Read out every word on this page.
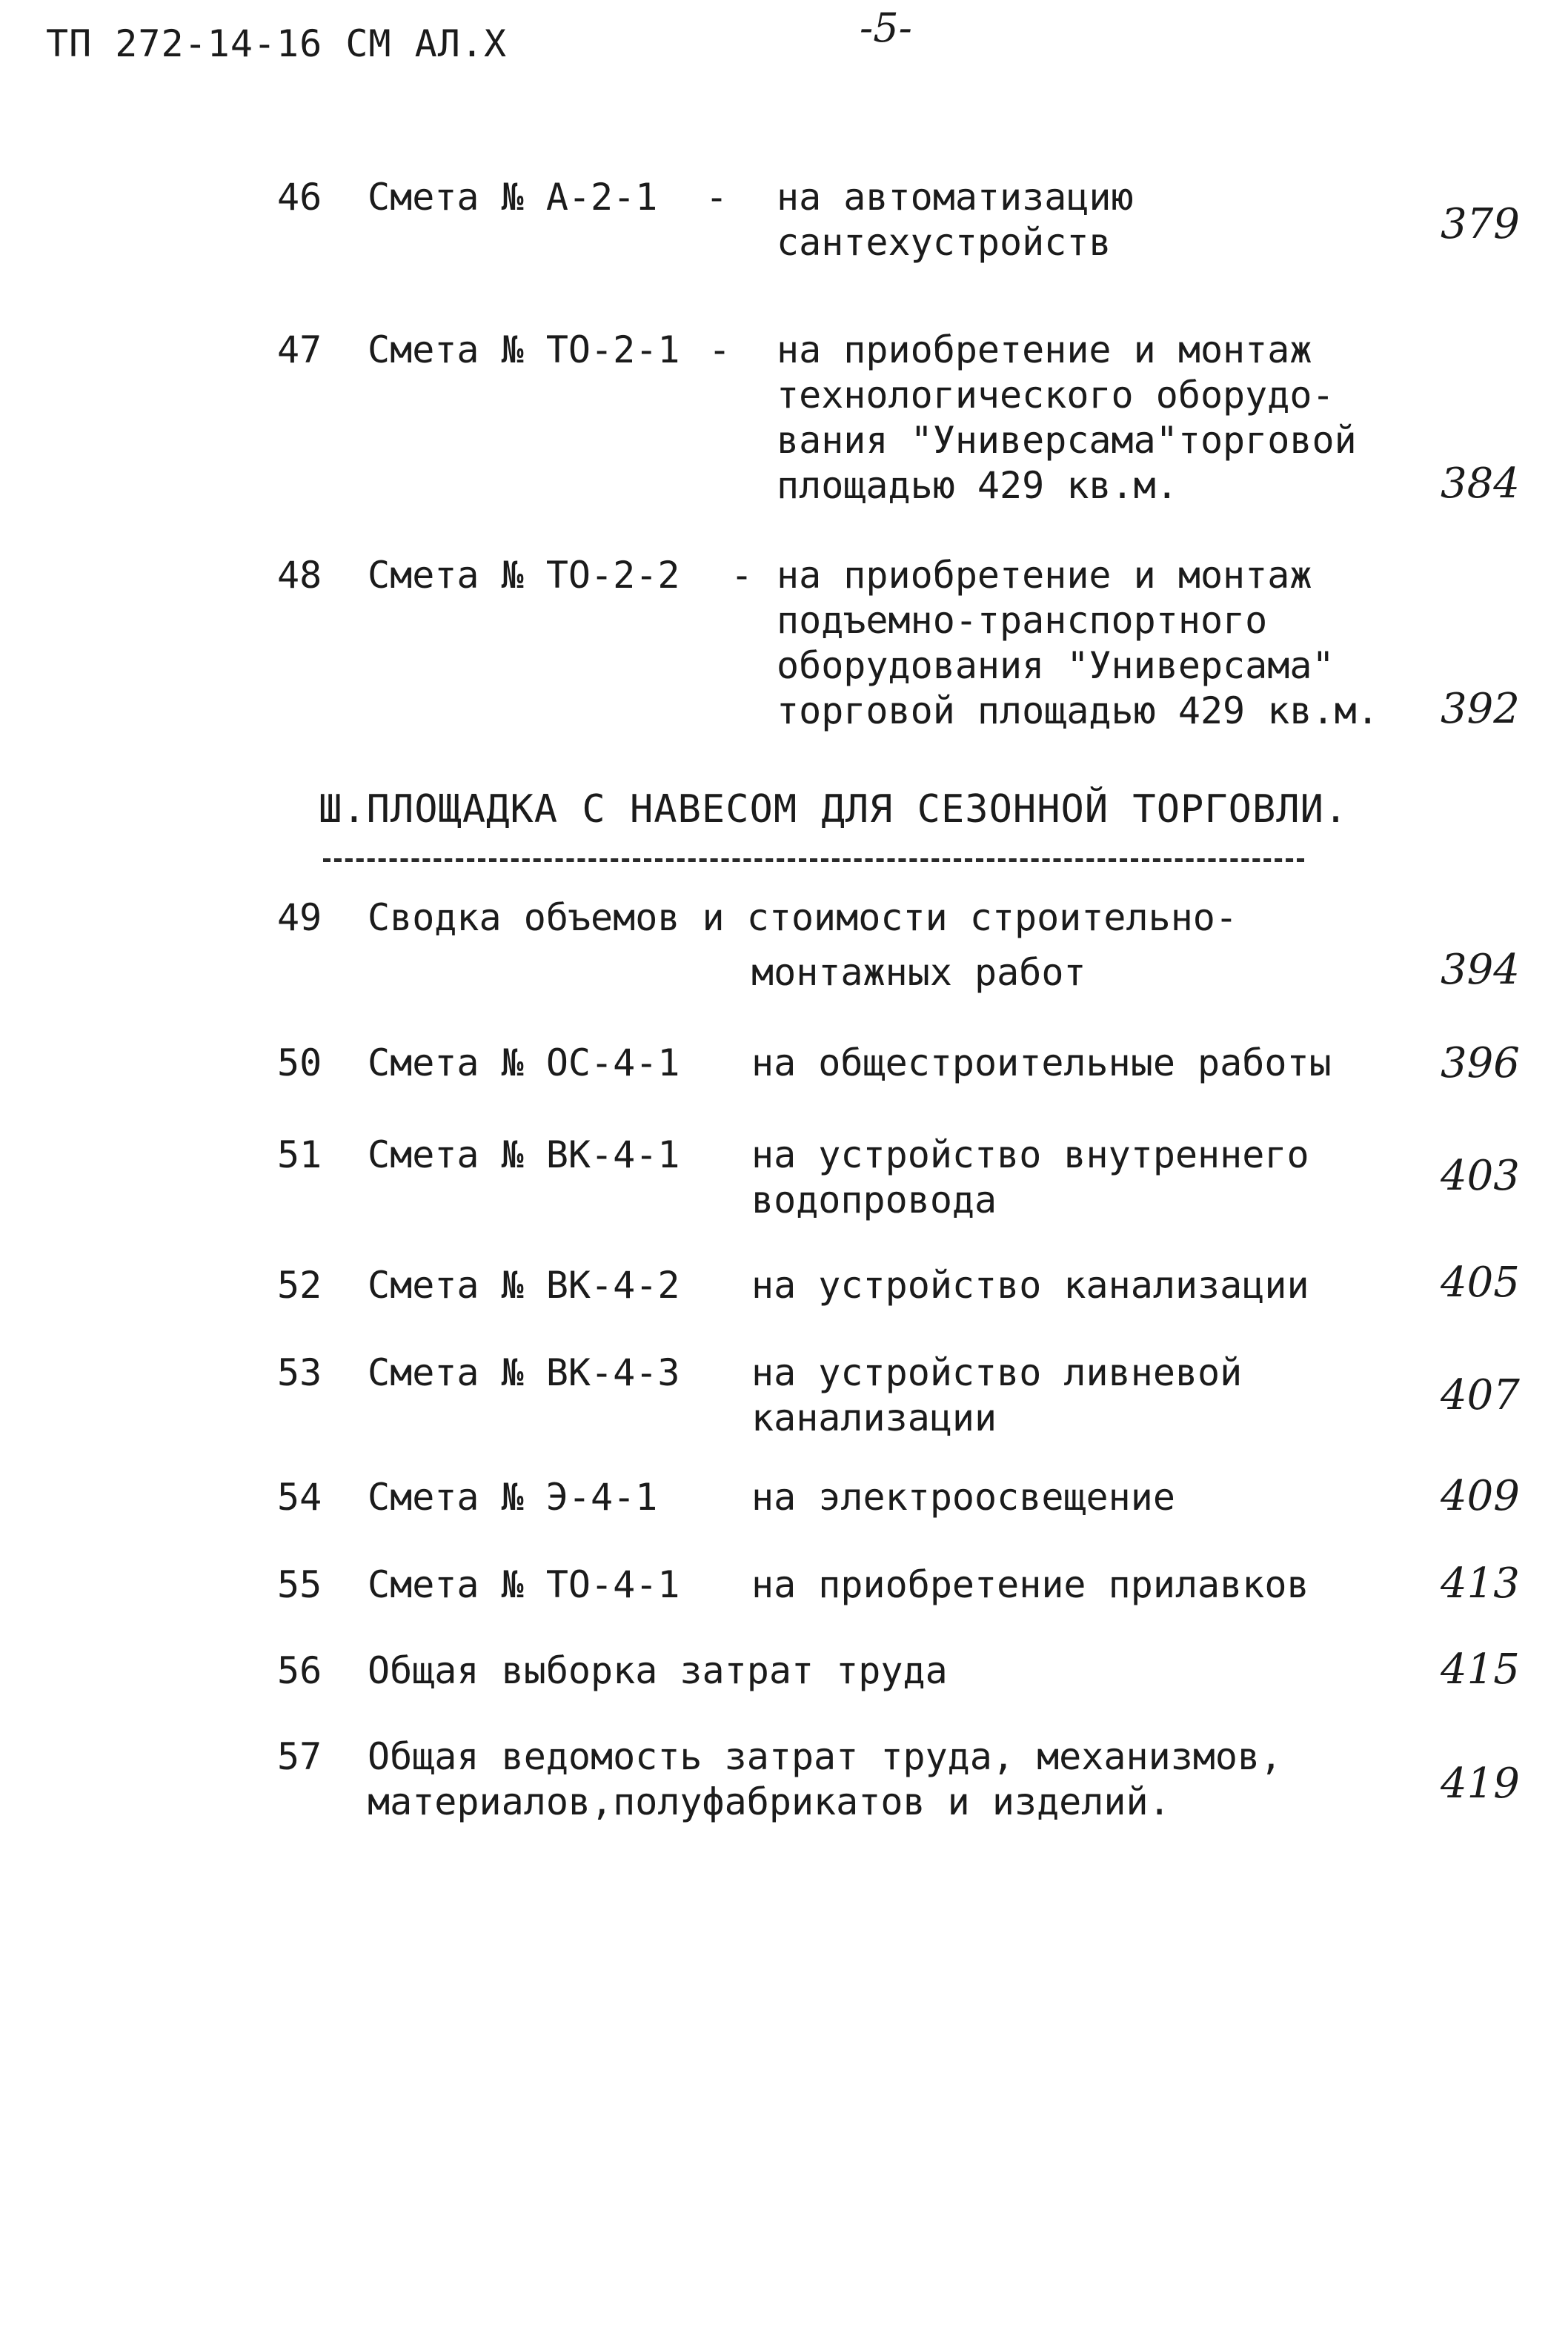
ТП 272-14-16 СМ АЛ.Х	-5-
46 Смета № А-2-1 - на автоматизацию
сантехустройств	379
47 Смета № ТО-2-1 - на приобретение и монтаж
технологического оборудо-
вания "Универсама"торговой
площадью 429 кв.м.	384
48 Смета № ТО-2-2 - на приобретение и монтаж
подъемно-транспортного
оборудования "Универсама"
торговой площадью 429 кв.м. 392
Ш.ПЛОЩАДКА С НАВЕСОМ ДЛЯ СЕЗОННОЙ ТОРГОВЛИ.
49 Сводка объемов и стоимости строительно-
монтажных работ	394
50 Смета № ОС-4-1 на общестроительные работы	396
51 Смета № ВК-4-1 на устройство внутреннего
водопровода	403
52 Смета № ВК-4-2 на устройство канализации	405
53 Смета № ВК-4-3 на устройство ливневой
канализации	407
54 Смета № Э-4-1	на электроосвещение	409
55 Смета № ТО-4-1 на приобретение прилавков	413
56 Общая выборка затрат труда	415
57 Общая ведомость затрат труда, механизмов,
материалов,полуфабрикатов и изделий.	419
